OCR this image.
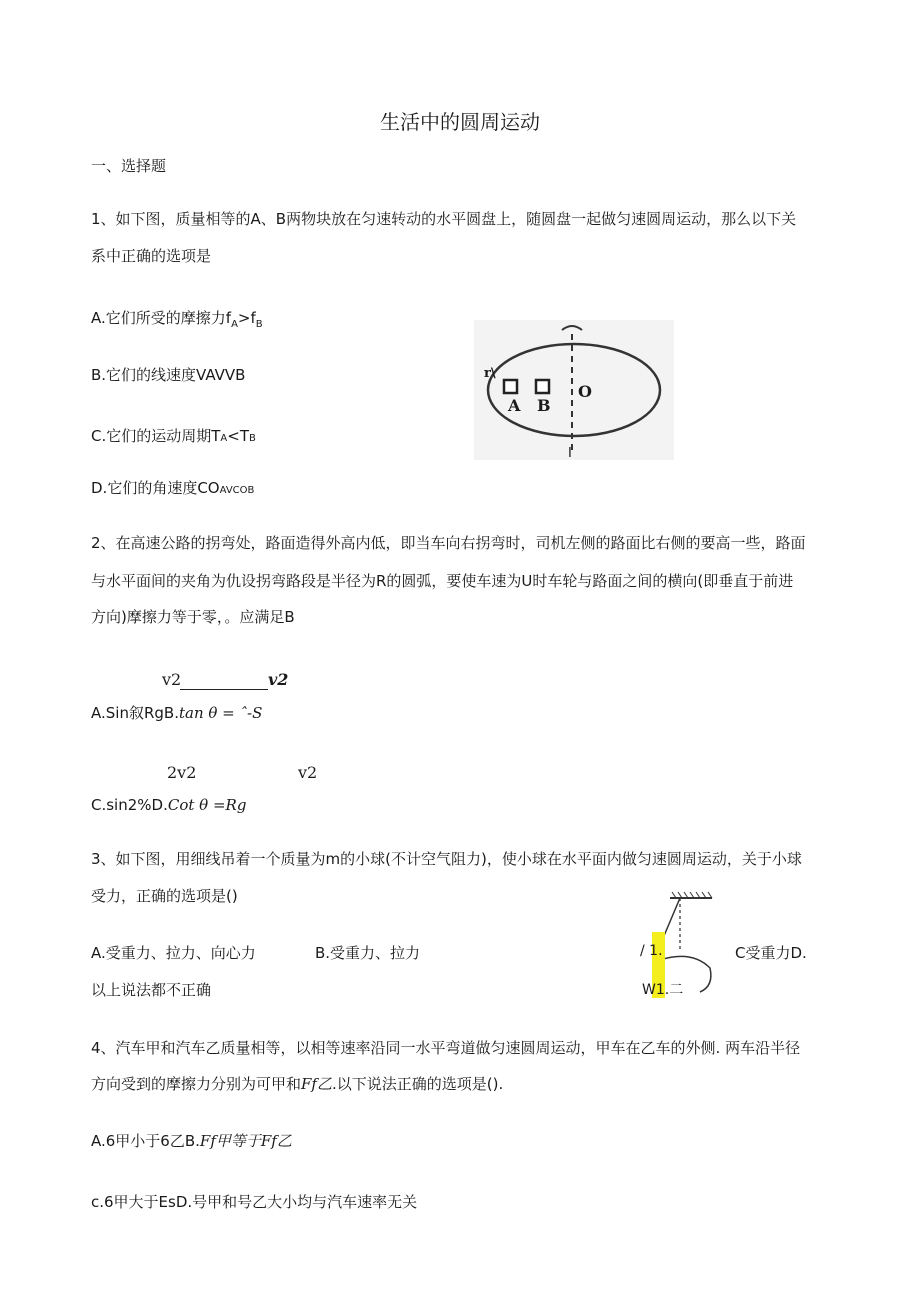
生活中的圆周运动
一、选择题
1、如下图，质量相等的A、B两物块放在匀速转动的水平圆盘上，随圆盘一起做匀速圆周运动，那么以下关
系中正确的选项是
A.它们所受的摩擦力$f_A>f_B$
B.它们的线速度VAVVB
C.它们的运动周期TA<TB
D.它们的角速度COAVCOB
A B
O
r\
I
2、在高速公路的拐弯处，路面造得外高内低，即当车向右拐弯时，司机左侧的路面比右侧的要高一些，路面
与水平面间的夹角为仇设拐弯路段是半径为R的圆弧，要使车速为U时车轮与路面之间的横向(即垂直于前进
方向)摩擦力等于零，。应满足B
v2	v2
A.Sin叙RgB.tan θ = ˆ-S
2v2	v2
C.sin2%D.Cot θ =Rg
3、如下图，用细线吊着一个质量为m的小球(不计空气阻力)，使小球在水平面内做匀速圆周运动，关于小球
受力，正确的选项是()
A.受重力、拉力、向心力	B.受重力、拉力	C受重力D.
以上说法都不正确
/ 1.
W1.二
4、汽车甲和汽车乙质量相等，以相等速率沿同一水平弯道做匀速圆周运动，甲车在乙车的外侧. 两车沿半径
方向受到的摩擦力分别为可甲和Ff乙.以下说法正确的选项是().
A.6甲小于6乙B.Ff甲等于Ff乙
c.6甲大于EsD.号甲和号乙大小均与汽车速率无关
